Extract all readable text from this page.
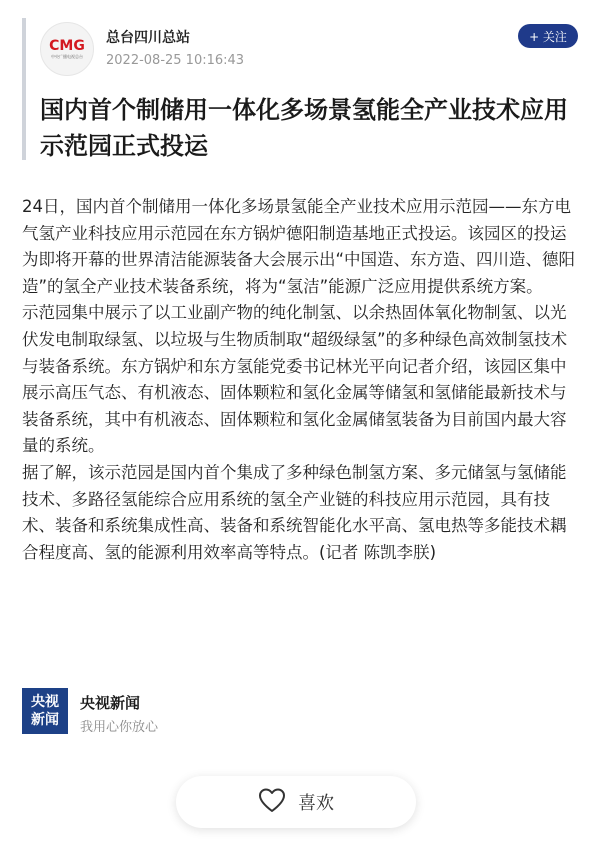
CMG
中央广播电视总台
总台四川总站
2022-08-25 10:16:43
+ 关注
国内首个制储用一体化多场景氢能全产业技术应用示范园正式投运

24日，国内首个制储用一体化多场景氢能全产业技术应用示范园——东方电气氢产业科技应用示范园在东方锅炉德阳制造基地正式投运。该园区的投运为即将开幕的世界清洁能源装备大会展示出“中国造、东方造、四川造、德阳造”的氢全产业技术装备系统，将为“氢洁”能源广泛应用提供系统方案。

示范园集中展示了以工业副产物的纯化制氢、以余热固体氧化物制氢、以光伏发电制取绿氢、以垃圾与生物质制取“超级绿氢”的多种绿色高效制氢技术与装备系统。东方锅炉和东方氢能党委书记林光平向记者介绍，该园区集中展示高压气态、有机液态、固体颗粒和氢化金属等储氢和氢储能最新技术与装备系统，其中有机液态、固体颗粒和氢化金属储氢装备为目前国内最大容量的系统。

据了解，该示范园是国内首个集成了多种绿色制氢方案、多元储氢与氢储能技术、多路径氢能综合应用系统的氢全产业链的科技应用示范园，具有技术、装备和系统集成性高、装备和系统智能化水平高、氢电热等多能技术耦合程度高、氢的能源利用效率高等特点。(记者 陈凯李朕)

央视
新闻
央视新闻
我用心你放心
喜欢
